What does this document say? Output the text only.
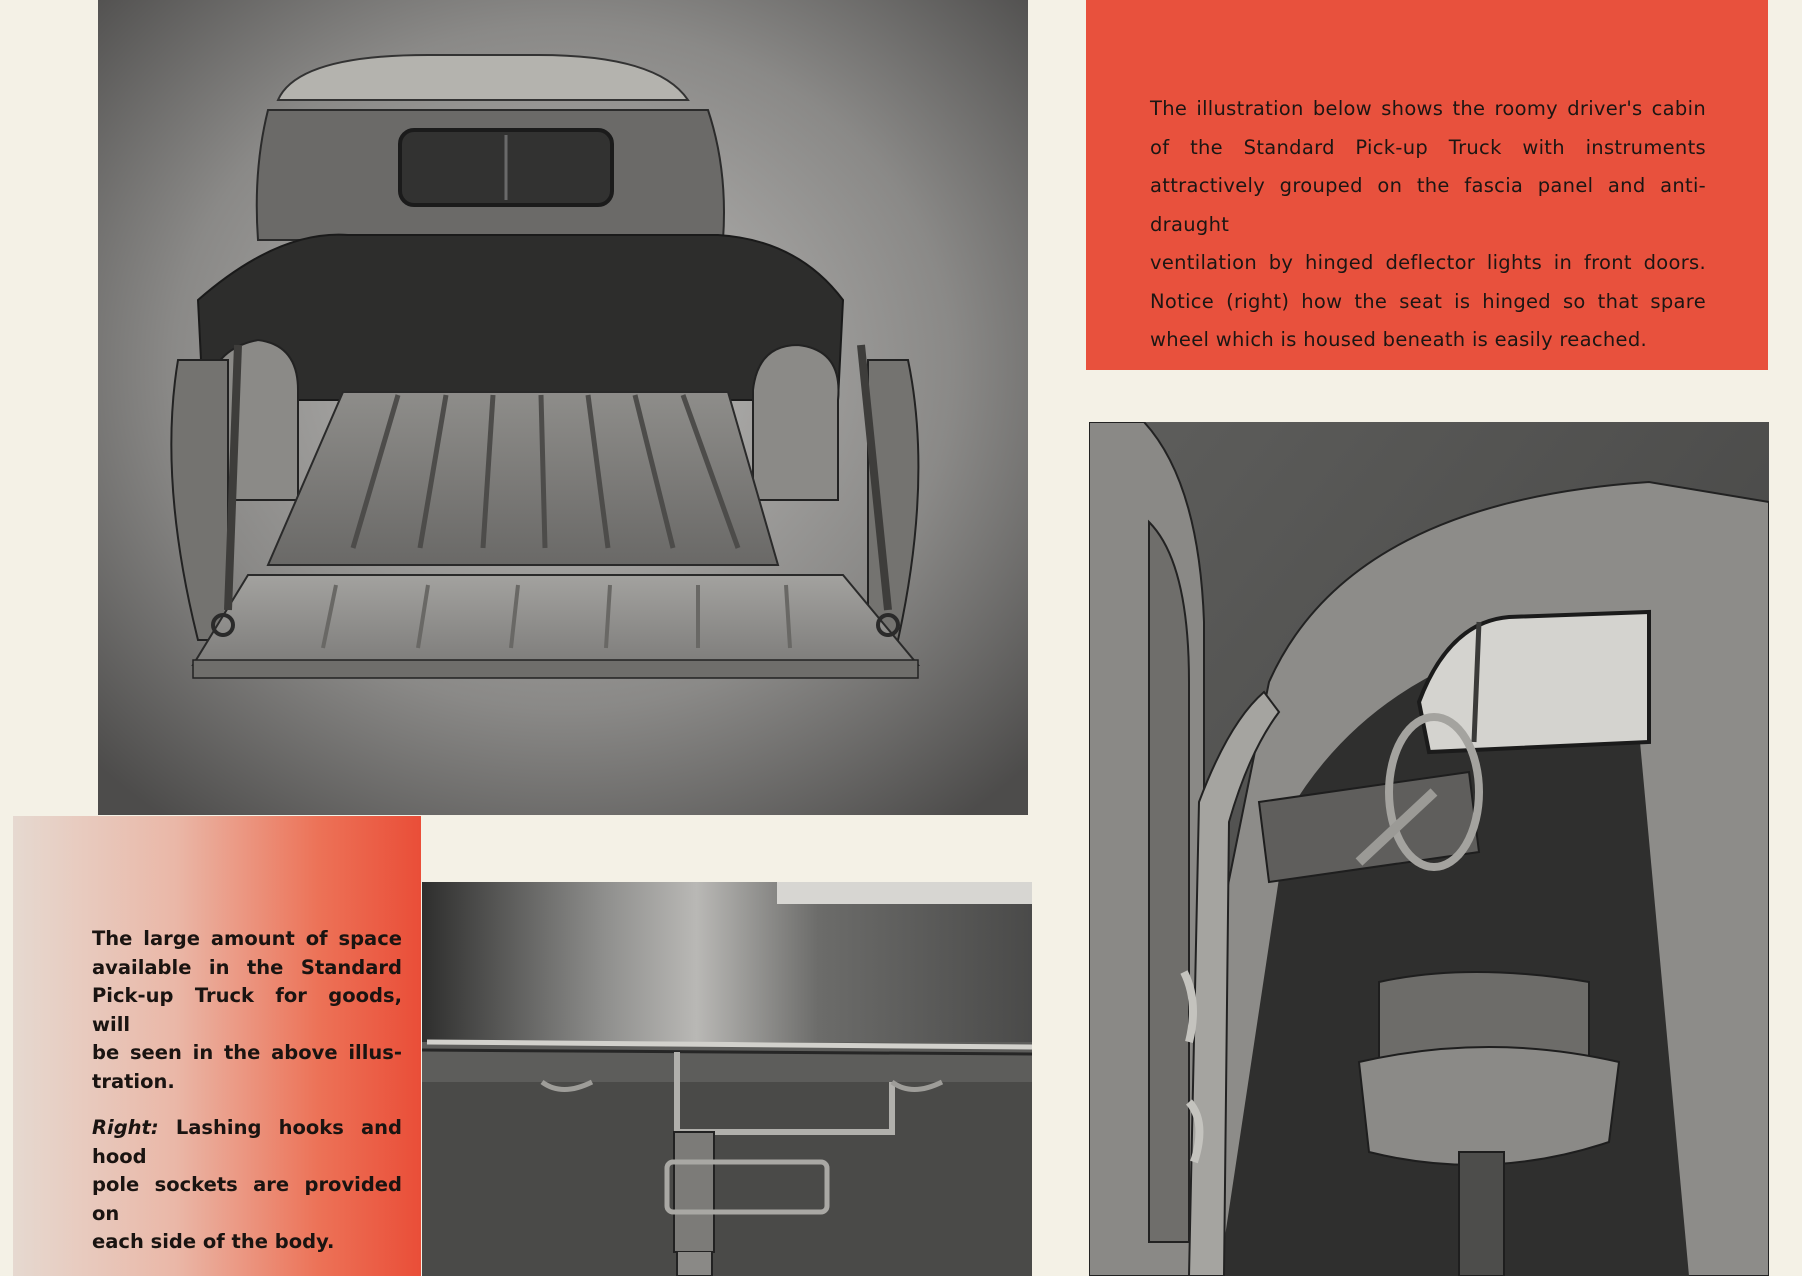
The illustration below shows the roomy driver's cabin
of the Standard Pick-up Truck with instruments
attractively grouped on the fascia panel and anti-draught
ventilation by hinged deflector lights in front doors.
Notice (right) how the seat is hinged so that spare
wheel which is housed beneath is easily reached.

The large amount of space
available in the Standard
Pick-up Truck for goods, will
be seen in the above illus-
tration.
Right: Lashing hooks and hood
pole sockets are provided on
each side of the body.
